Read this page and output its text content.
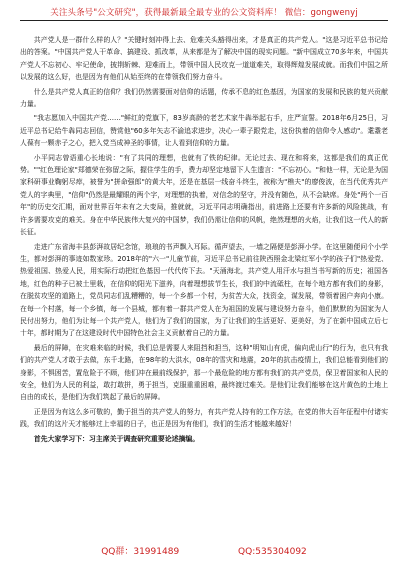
关注头条号"公文研究"，获得最新最全最专业的公文资料库！ 微信：gongwenyj

共产党人是一群什么样的人？"关键时刻冲得上去、危难关头豁得出来，才是真正的共产党人。"这是习近平总书记给出的答案。"中国共产党人干革命、搞建设、抓改革，从来都是为了解决中国的现实问题。"新中国成立70多年来，中国共产党人不忘初心、牢记使命，披荆斩棘、迎难而上，带领中国人民攻克一道道难关，取得辉煌发展成就。而我们中国之所以发展的这么好，也是因为有他们从始至终的在带领我们努力奋斗。

什么是共产党人真正的信仰？我们仍然需要面对信仰的话题，传承不息的红色基因，为国家的发展和民族的复兴贡献力量。

"我志愿加入中国共产党……"鲜红的党旗下，83岁高龄的老艺术家牛犇举起右手，庄严宣誓。2018年6月25日，习近平总书记给牛犇同志回信，赞赏他"60多年矢志不渝追求进步，决心一辈子跟党走，这份执着的信仰令人感动"。耄耋老人葆有一颗赤子之心，把入党当成神圣的事情，让人看到信仰的力量。

小平同志曾语重心长地说："有了共同的理想，也就有了铁的纪律。无论过去、现在和将来，这都是我们的真正优势。""红色理论家"郑德荣在弥留之际，握住学生的手，费力却坚定地留下人生遗言："不忘初心。"和他一样，无论是为国家科研事业鞠躬尽瘁，被誉为"拼命强郎"的黄大年，还是在基层一线奋斗终生，被称为"樵夫"的廖俊波，在当代优秀共产党人的字典里，"信仰"仍然是最耀眼的两个字，对理想的执着，对信念的坚守，并没有随色，从不会缺席。身处"两个一百年"的历史交汇期，面对世界百年未有之大变局，推就就，习近平同志明确指出，前进路上还要有许多新的风险挑战，有许多需要攻克的难关。身在中华民族伟大复兴的中国梦，我们仍需让信仰的风帆，绝然理想的火焰，让我们这一代人的新长征。

走进广东省海丰县彭湃故居纪念馆，琅琅的书声飘入耳际。循声望去，一墙之隔便是彭湃小学。在这里随便问个小学生，都对彭湃的事迹如数家珍。2018年的"六一"儿童节前，习近平总书记前往陕西照金北梁红军小学的孩子们"热爱党、热爱祖国、热爱人民，用实际行动把红色基因一代代传下去。"天涌海北，共产党人用汗水与担当书写新的历史；祖国各地，红色的种子已被土里栽，在信仰的阳光下滋养，向着理想拔节生长，我们的中流砥柱，在每个地方都有我们的身影，在脱贫攻坚的道路上，党员同志们乱糟糟的，每一个乡都一个村，为贫苦大众，找资金，谋发展，带领着困户奔向小康。在每一个村落，每一个乡镇，每一个县城，都有着一群共产党人在为祖国的发展与建设努力奋斗，他们默默的为国家为人民付出努力，他们为让每一个共产党人，他们为了我们的国家，为了让我们的生活更好、更美好，为了在新中国成立后七十年，都时期为了在这建设时代中国特色社会主义贡献着自己的力量。

最后的屏障，在灾难来临的时候，我们总是需要人来阻挡和担当，这种"明知山有虎，偏向虎山行"的行为，也只有我们的共产党人才敢于去做，东千北路，在98年的大洪水，08年的雪灾和地震，20年的抗击疫情上，我们总能看到他们的身影，不惧困苦，置危险于不顾，他们冲在最前线保护，那一个最危险的地方都有我们的共产党员，保卫着国家和人民的安全，他们为人民的利益，敢打敢拼，勇于担当，克服重重困难，最终渡过难关。是他们让我们能够在这片黄色的土地上自由的成长，是他们为我们筑起了最后的屏障。

正是因为有这么多可敬的，勤于担当的共产党人的努力，有共产党人持有的工作方法，在党的伟大百年征程中付诸实践，我们的这片天才能够过上幸福的日子，也正是因为有他们，我们的生活才能越来越好！

首先大家学习下：习主席关于调查研究重要论述摘编。

QQ群：31991489	QQ:535304092
